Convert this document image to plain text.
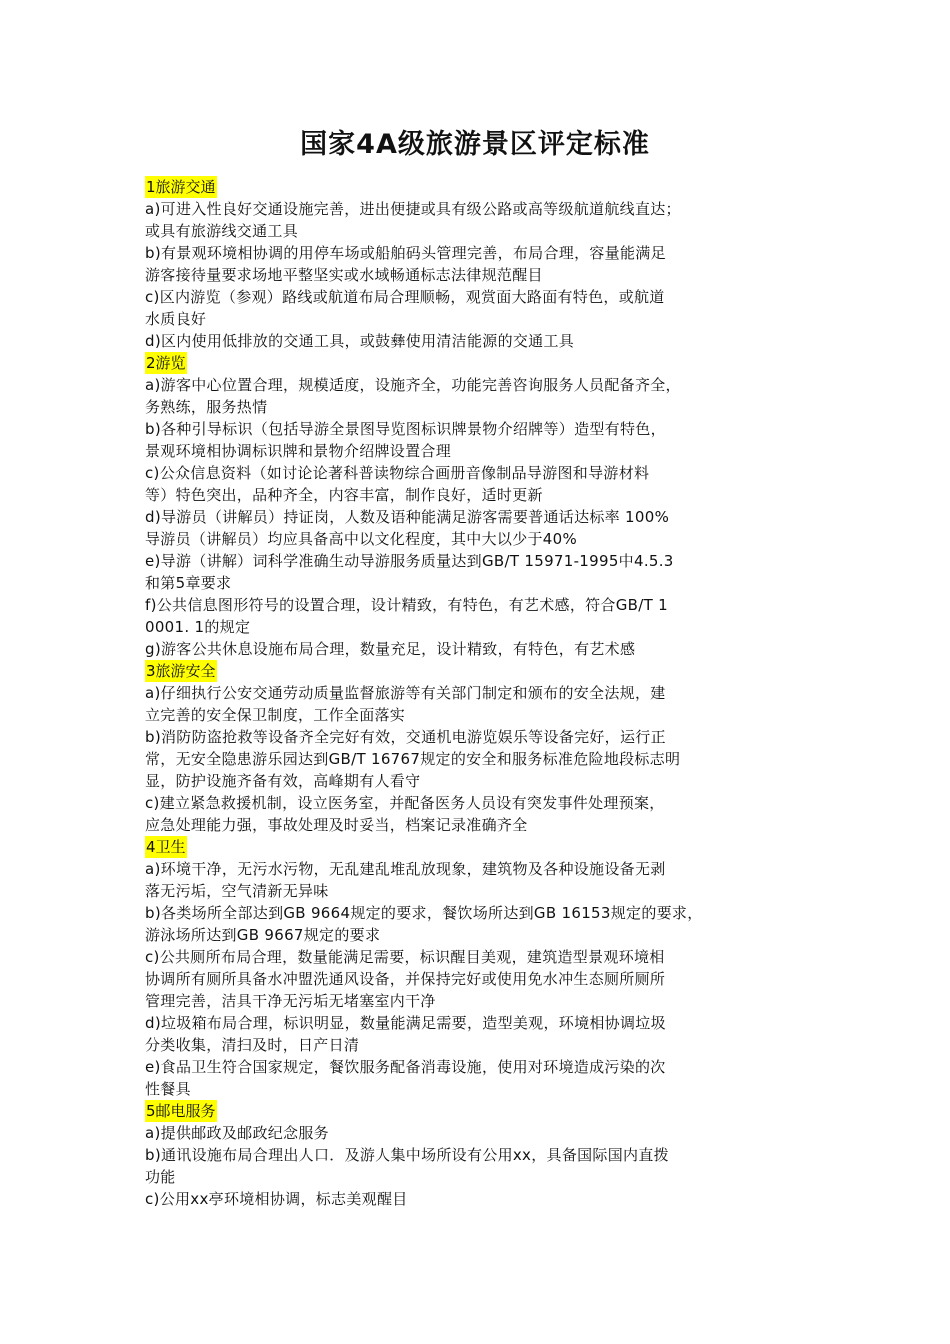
国家4A级旅游景区评定标准
1旅游交通
a)可进入性良好交通设施完善，进出便捷或具有级公路或高等级航道航线直达；
或具有旅游线交通工具
b)有景观环境相协调的用停车场或船舶码头管理完善，布局合理，容量能满足
游客接待量要求场地平整坚实或水域畅通标志法律规范醒目
c)区内游览（参观）路线或航道布局合理顺畅，观赏面大路面有特色，或航道
水质良好
d)区内使用低排放的交通工具，或鼓彝使用清洁能源的交通工具
2游览
a)游客中心位置合理，规模适度，设施齐全，功能完善咨询服务人员配备齐全，
务熟练，服务热情
b)各种引导标识（包括导游全景图导览图标识牌景物介绍牌等）造型有特色，
景观环境相协调标识牌和景物介绍牌设置合理
c)公众信息资料（如讨论论著科普读物综合画册音像制品导游图和导游材料
等）特色突出，品种齐全，内容丰富，制作良好，适时更新
d)导游员（讲解员）持证岗，人数及语种能满足游客需要普通话达标率 100%
导游员（讲解员）均应具备高中以文化程度，其中大以少于40%
e)导游（讲解）词科学准确生动导游服务质量达到GB/T 15971-1995中4.5.3
和第5章要求
f)公共信息图形符号的设置合理，设计精致，有特色，有艺术感，符合GB/T 1
0001. 1的规定
g)游客公共休息设施布局合理，数量充足，设计精致，有特色，有艺术感
3旅游安全
a)仔细执行公安交通劳动质量监督旅游等有关部门制定和颁布的安全法规，建
立完善的安全保卫制度，工作全面落实
b)消防防盗抢救等设备齐全完好有效，交通机电游览娱乐等设备完好，运行正
常，无安全隐患游乐园达到GB/T 16767规定的安全和服务标准危险地段标志明
显，防护设施齐备有效，高峰期有人看守
c)建立紧急救援机制，设立医务室，并配备医务人员设有突发事件处理预案，
应急处理能力强，事故处理及时妥当，档案记录准确齐全
4卫生
a)环境干净，无污水污物，无乱建乱堆乱放现象，建筑物及各种设施设备无剥
落无污垢，空气清新无异味
b)各类场所全部达到GB 9664规定的要求，餐饮场所达到GB 16153规定的要求，
游泳场所达到GB 9667规定的要求
c)公共厕所布局合理，数量能满足需要，标识醒目美观，建筑造型景观环境相
协调所有厕所具备水冲盟洗通风设备，并保持完好或使用免水冲生态厕所厕所
管理完善，洁具干净无污垢无堵塞室内干净
d)垃圾箱布局合理，标识明显，数量能满足需要，造型美观，环境相协调垃圾
分类收集，清扫及时，日产日清
e)食品卫生符合国家规定，餐饮服务配备消毒设施，使用对环境造成污染的次
性餐具
5邮电服务
a)提供邮政及邮政纪念服务
b)通讯设施布局合理出人口．及游人集中场所设有公用xx，具备国际国内直拨
功能
c)公用xx亭环境相协调，标志美观醒目
